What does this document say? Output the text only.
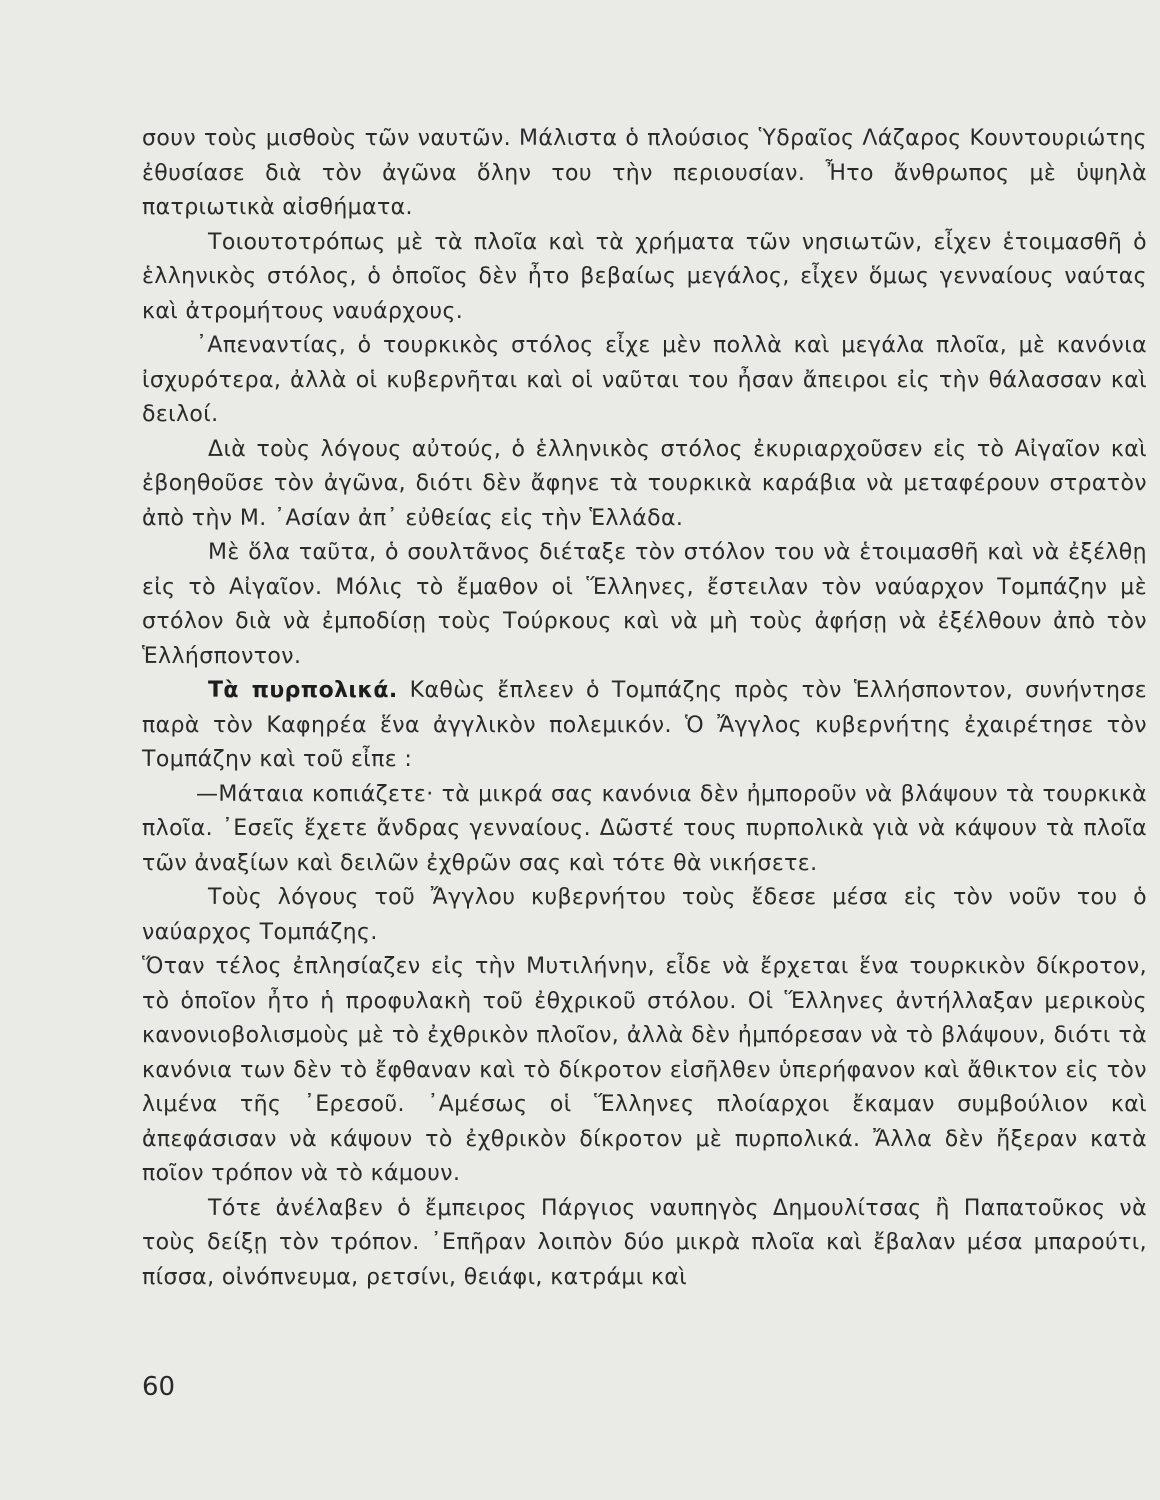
σουν τοὺς μισθοὺς τῶν ναυτῶν. Μάλιστα ὁ πλούσιος Ὑδραῖος Λάζαρος Κουντουριώτης ἐθυσίασε διὰ τὸν ἀγῶνα ὅλην του τὴν περιουσίαν. Ἦτο ἄνθρωπος μὲ ὑψηλὰ πατριωτικὰ αἰσθήματα.

Τοιουτοτρόπως μὲ τὰ πλοῖα καὶ τὰ χρήματα τῶν νησιωτῶν, εἶχεν ἑτοιμασθῆ ὁ ἑλληνικὸς στόλος, ὁ ὁποῖος δὲν ἦτο βεβαίως μεγάλος, εἶχεν ὅμως γενναίους ναύτας καὶ ἀτρομήτους ναυάρχους.

᾿Απεναντίας, ὁ τουρκικὸς στόλος εἶχε μὲν πολλὰ καὶ μεγάλα πλοῖα, μὲ κανόνια ἰσχυρότερα, ἀλλὰ οἱ κυβερνῆται καὶ οἱ ναῦται του ἦσαν ἄπειροι εἰς τὴν θάλασσαν καὶ δειλοί.

Διὰ τοὺς λόγους αὐτούς, ὁ ἑλληνικὸς στόλος ἐκυριαρχοῦσεν εἰς τὸ Αἰγαῖον καὶ ἐβοηθοῦσε τὸν ἀγῶνα, διότι δὲν ἄφηνε τὰ τουρκικὰ καράβια νὰ μεταφέρουν στρατὸν ἀπὸ τὴν Μ. ᾿Ασίαν ἀπ᾿ εὐθείας εἰς τὴν Ἑλλάδα.

Μὲ ὅλα ταῦτα, ὁ σουλτᾶνος διέταξε τὸν στόλον του νὰ ἑτοιμασθῆ καὶ νὰ ἐξέλθῃ εἰς τὸ Αἰγαῖον. Μόλις τὸ ἔμαθον οἱ Ἕλληνες, ἔστειλαν τὸν ναύαρχον Τομπάζην μὲ στόλον διὰ νὰ ἐμποδίσῃ τοὺς Τούρκους καὶ νὰ μὴ τοὺς ἀφήσῃ νὰ ἐξέλθουν ἀπὸ τὸν Ἑλλήσποντον.

Τὰ πυρπολικά. Καθὼς ἔπλεεν ὁ Τομπάζης πρὸς τὸν Ἑλλήσποντον, συνήντησε παρὰ τὸν Καφηρέα ἕνα ἀγγλικὸν πολεμικόν. Ὁ Ἄγγλος κυβερνήτης ἐχαιρέτησε τὸν Τομπάζην καὶ τοῦ εἶπε :

—Μάταια κοπιάζετε· τὰ μικρά σας κανόνια δὲν ἠμποροῦν νὰ βλάψουν τὰ τουρκικὰ πλοῖα. ᾿Εσεῖς ἔχετε ἄνδρας γενναίους. Δῶστέ τους πυρπολικὰ γιὰ νὰ κάψουν τὰ πλοῖα τῶν ἀναξίων καὶ δειλῶν ἐχθρῶν σας καὶ τότε θὰ νικήσετε.

Τοὺς λόγους τοῦ Ἄγγλου κυβερνήτου τοὺς ἔδεσε μέσα εἰς τὸν νοῦν του ὁ ναύαρχος Τομπάζης.

Ὅταν τέλος ἐπλησίαζεν εἰς τὴν Μυτιλήνην, εἶδε νὰ ἔρχεται ἕνα τουρκικὸν δίκροτον, τὸ ὁποῖον ἦτο ἡ προφυλακὴ τοῦ ἐθχρικοῦ στόλου. Οἱ Ἕλληνες ἀντήλλαξαν μερικοὺς κανονιοβολισμοὺς μὲ τὸ ἐχθρικὸν πλοῖον, ἀλλὰ δὲν ἠμπόρεσαν νὰ τὸ βλάψουν, διότι τὰ κανόνια των δὲν τὸ ἔφθαναν καὶ τὸ δίκροτον εἰσῆλθεν ὑπερήφανον καὶ ἄθικτον εἰς τὸν λιμένα τῆς ᾿Ερεσοῦ. ᾿Αμέσως οἱ Ἕλληνες πλοίαρχοι ἔκαμαν συμβούλιον καὶ ἀπεφάσισαν νὰ κάψουν τὸ ἐχθρικὸν δίκροτον μὲ πυρπολικά. Ἄλλα δὲν ἤξεραν κατὰ ποῖον τρόπον νὰ τὸ κάμουν.

Τότε ἀνέλαβεν ὁ ἔμπειρος Πάργιος ναυπηγὸς Δημουλίτσας ἢ Παπατοῦκος νὰ τοὺς δείξῃ τὸν τρόπον. ᾿Επῆραν λοιπὸν δύο μικρὰ πλοῖα καὶ ἔβαλαν μέσα μπαρούτι, πίσσα, οἰνόπνευμα, ρετσίνι, θειάφι, κατράμι καὶ

60
